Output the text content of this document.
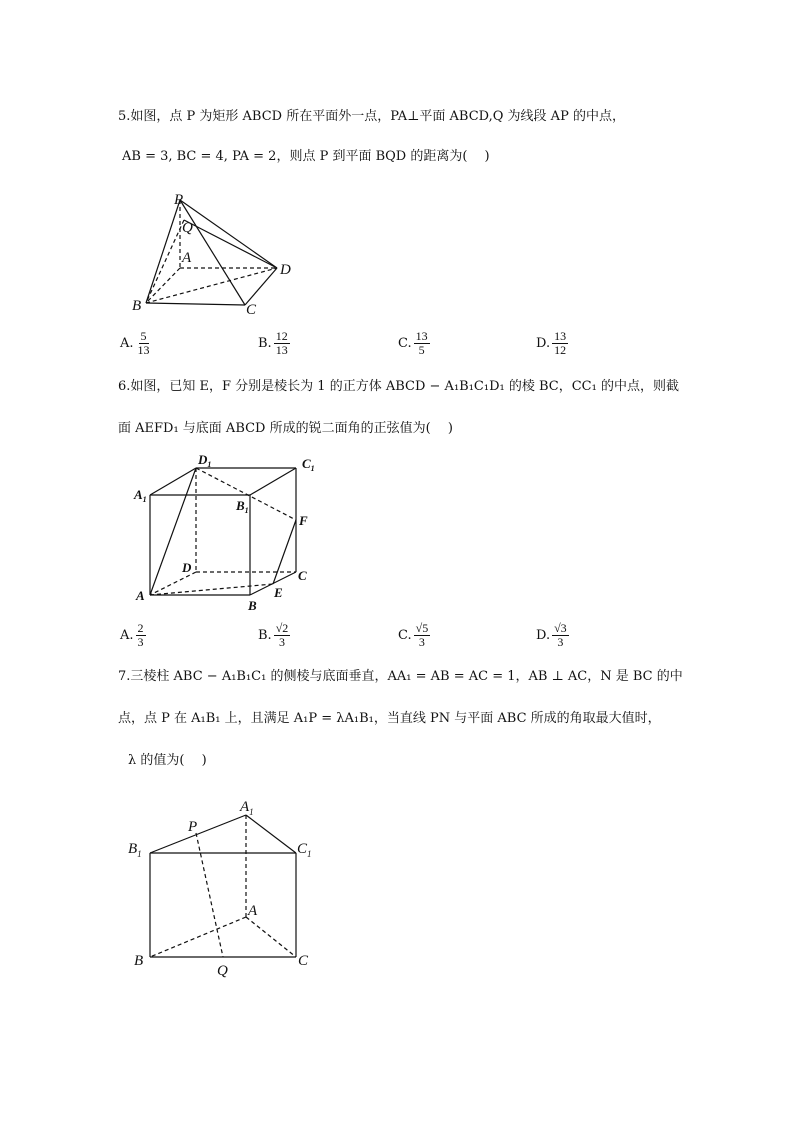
5.如图，点 P 为矩形 ABCD 所在平面外一点，PA⊥平面 ABCD,Q 为线段 AP 的中点，
AB = 3, BC = 4, PA = 2，则点 P 到平面 BQD 的距离为(　 )
P
Q
A
B	C
D
A. $\frac{5}{13}$	B. $\frac{12}{13}$	C. $\frac{13}{5}$	D. $\frac{13}{12}$
6.如图，已知 E，F 分别是棱长为 1 的正方体 ABCD − A₁B₁C₁D₁ 的棱 BC，CC₁ 的中点，则截
面 AEFD₁ 与底面 ABCD 所成的锐二面角的正弦值为(　 )
A
B
C
D
E
F
$A_1$	$B_1$
$C_1$
$D_1$
A. $\frac{2}{3}$	B. $\frac{√2}{3}$	C. $\frac{√5}{3}$	D. $\frac{√3}{3}$
7.三棱柱 ABC − A₁B₁C₁ 的侧棱与底面垂直，AA₁ = AB = AC = 1，AB ⊥ AC，N 是 BC 的中
点，点 P 在 A₁B₁ 上，且满足 A₁P = λA₁B₁，当直线 PN 与平面 ABC 所成的角取最大值时，
λ 的值为(　 )
$A_1$
$B_1$	$C_1$
P
A
B	C
Q
